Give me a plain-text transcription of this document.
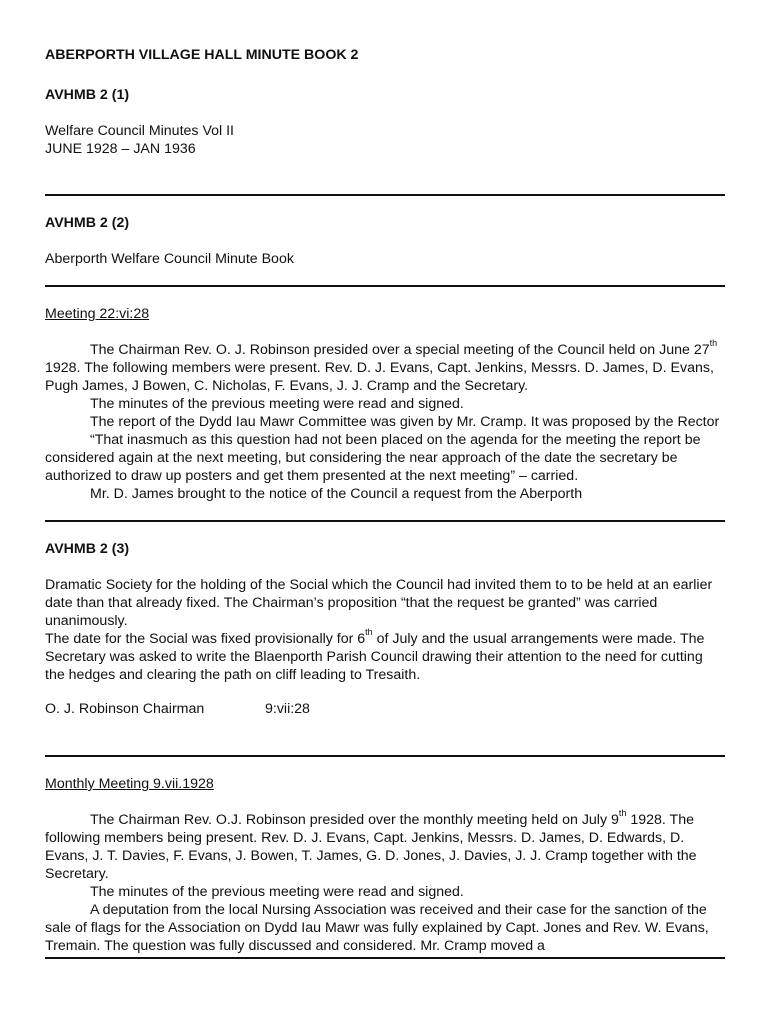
ABERPORTH VILLAGE HALL MINUTE BOOK 2
AVHMB 2 (1)

Welfare Council Minutes Vol II

JUNE 1928 – JAN 1936

AVHMB 2 (2)

Aberporth Welfare Council Minute Book

Meeting 22:vi:28

The Chairman Rev. O. J. Robinson presided over a special meeting of the Council held on June 27th 1928. The following members were present. Rev. D. J. Evans, Capt. Jenkins, Messrs. D. James, D. Evans, Pugh James, J Bowen, C. Nicholas, F. Evans, J. J. Cramp and the Secretary.

The minutes of the previous meeting were read and signed.

The report of the Dydd Iau Mawr Committee was given by Mr. Cramp. It was proposed by the Rector

“That inasmuch as this question had not been placed on the agenda for the meeting the report be considered again at the next meeting, but considering the near approach of the date the secretary be authorized to draw up posters and get them presented at the next meeting” – carried.

Mr. D. James brought to the notice of the Council a request from the Aberporth

AVHMB 2 (3)

Dramatic Society for the holding of the Social which the Council had invited them to to be held at an earlier date than that already fixed. The Chairman’s proposition “that the request be granted” was carried unanimously.

The date for the Social was fixed provisionally for 6th of July and the usual arrangements were made. The Secretary was asked to write the Blaenporth Parish Council drawing their attention to the need for cutting the hedges and clearing the path on cliff leading to Tresaith.

O. J. Robinson Chairman	9:vii:28

Monthly Meeting 9.vii.1928

The Chairman Rev. O.J. Robinson presided over the monthly meeting held on July 9th 1928. The following members being present. Rev. D. J. Evans, Capt. Jenkins, Messrs. D. James, D. Edwards, D. Evans, J. T. Davies, F. Evans, J. Bowen, T. James, G. D. Jones, J. Davies, J. J. Cramp together with the Secretary.

The minutes of the previous meeting were read and signed.

A deputation from the local Nursing Association was received and their case for the sanction of the sale of flags for the Association on Dydd Iau Mawr was fully explained by Capt. Jones and Rev. W. Evans, Tremain. The question was fully discussed and considered. Mr. Cramp moved a
